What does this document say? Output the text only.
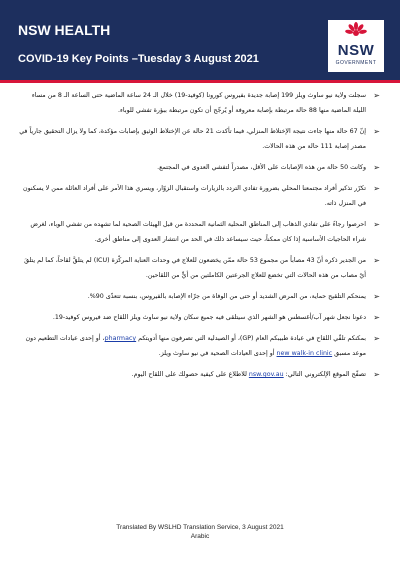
NSW HEALTH
COVID-19 Key Points –Tuesday 3 August 2021	NSW
GOVERNMENT
➢
سجلت ولاية نيو ساوث ويلز 199 إصابة جديدة بفيروس كورونا (كوفيد-19) خلال الـ 24 ساعة الماضية حتى الساعة الـ 8 من مساء الليلة الماضية منها 88 حالة مرتبطة بإصابة معروفة أو يُرجّح أن تكون مرتبطة ببؤرة تفشي للوباء.
➢
إنّ 67 حالة منها جاءت نتيجة الإختلاط المنزلي، فيما تأكدت 21 حالة عن الإختلاط الوثيق بإصابات مؤكدة، كما ولا يزال التحقيق جارياً في مصدر إصابة 111 حالة من هذه الحالات.
➢
وكانت 50 حالة من هذه الإصابات على الأقل، مصدراً لتفشي العدوى في المجتمع.
➢
تكرّر تذكير أفراد مجتمعنا المحلي بضرورة تفادي التردد بالزيارات واستقبال الزوّار، ويسري هذا الأمر على أفراد العائلة ممن لا يسكنون في المنزل ذاته.
➢
احرصوا رجاءً على تفادي الذهاب إلى المناطق المحلية الثمانية المحددة من قبل الهيئات الصحية لما تشهده من تفشي الوباء، لغرض شراء الحاجيات الأساسية إذا كان ممكناً، حيث سيساعد ذلك في الحد من انتشار العدوى إلى مناطق أخرى.
➢
من الجدير ذكره أنّ 43 مصاباً من مجموع 53 حالة ممّن يخضعون للعلاج في وحدات العناية المركّزة (ICU) لم يتلقَّ لقاحاً، كما لم يتلقَ أيٌ مصاب من هذه الحالات التي تخضع للعلاج الجرعتين الكاملتين من أيٍّ من اللقاحين.
➢
يمنحكم التلقيح حماية، من المرض الشديد أو حتى من الوفاة من جرّاء الإصابة بالفيروس، بنسبة تتعدّى 90%.
➢
دعونا نجعل شهر آب/أغسطس هو الشهر الذي سيتلقى فيه جميع سكان ولاية نيو ساوث ويلز اللقاح ضد فيروس كوفيد-19.
➢
بمكنكم تلقّي اللقاح في عيادة طبيبكم العام (GP)، أو الصيدلية التي تصرفون منها أدويتكم pharmacy، أو إحدى عيادات التطعيم دون موعد مسبق new walk-in clinic أو إحدى العيادات الصحية في نيو ساوث ويلز.
➢
تصفّح الموقع الإلكتروني التالي: nsw.gov.au للاطلاع على كيفية حصولك على اللقاح اليوم.
Translated By WSLHD Translation Service, 3 August 2021
Arabic
